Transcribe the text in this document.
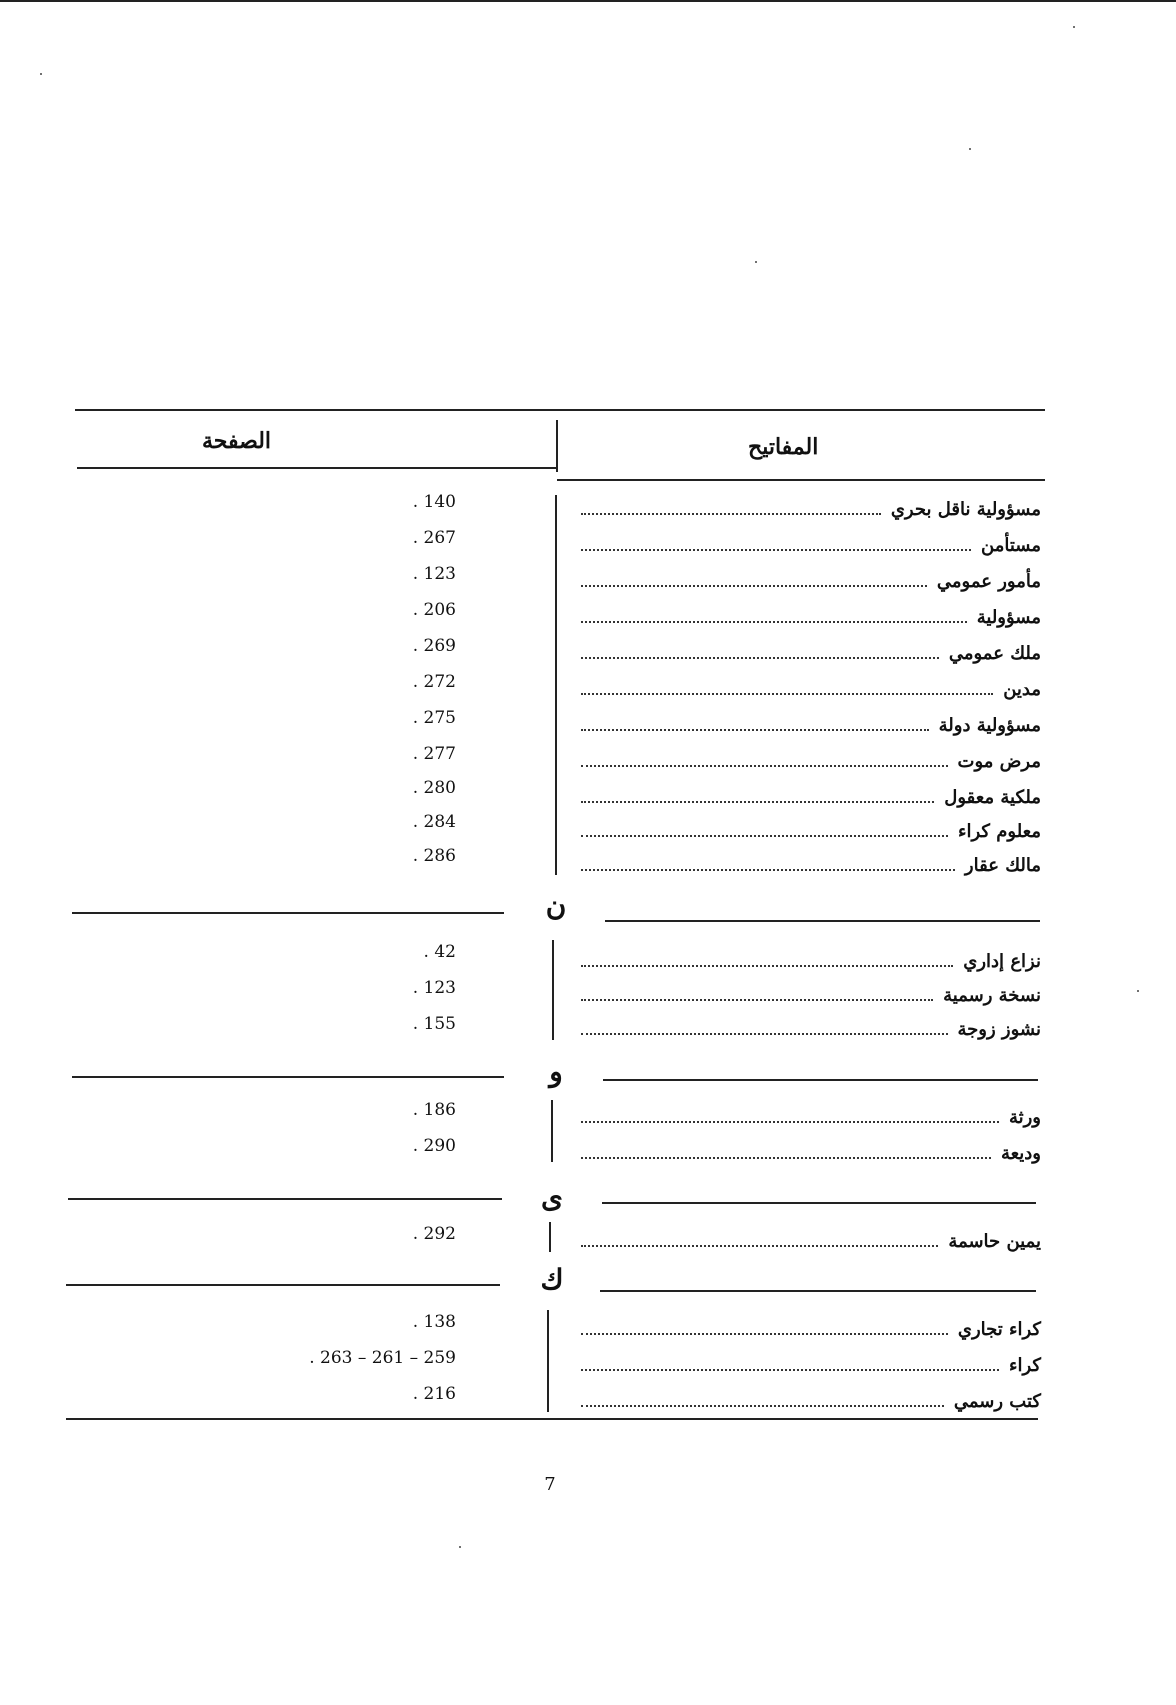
المفاتيح
الصفحة
مسؤولية ناقل بحري
. 140
مستأمن
. 267
مأمور عمومي
. 123
مسؤولية
. 206
ملك عمومي
. 269
مدين
. 272
مسؤولية دولة
. 275
مرض موت
. 277
ملكية معقول
. 280
معلوم كراء
. 284
مالك عقار
. 286
ن
نزاع إداري
. 42
نسخة رسمية
. 123
نشوز زوجة
. 155
و
ورثة
. 186
وديعة
. 290
ى
يمين حاسمة
. 292
ك
كراء تجاري
. 138
كراء
. 263 – 261 – 259
كتب رسمي
. 216
7
